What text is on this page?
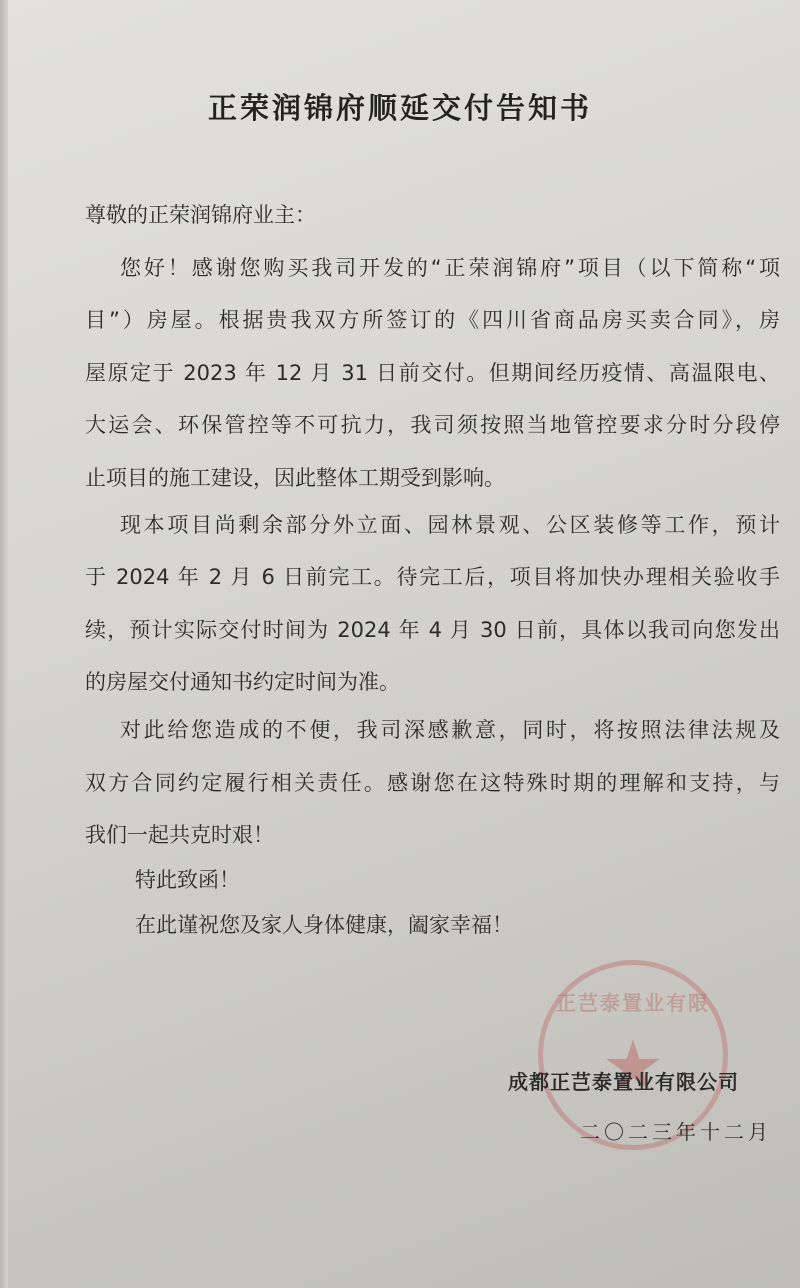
正荣润锦府顺延交付告知书
尊敬的正荣润锦府业主：
您好！感谢您购买我司开发的“正荣润锦府”项目（以下简称“项
目”）房屋。根据贵我双方所签订的《四川省商品房买卖合同》，房
屋原定于 2023 年 12 月 31 日前交付。但期间经历疫情、高温限电、
大运会、环保管控等不可抗力，我司须按照当地管控要求分时分段停
止项目的施工建设，因此整体工期受到影响。
现本项目尚剩余部分外立面、园林景观、公区装修等工作，预计
于 2024 年 2 月 6 日前完工。待完工后，项目将加快办理相关验收手
续，预计实际交付时间为 2024 年 4 月 30 日前，具体以我司向您发出
的房屋交付通知书约定时间为准。
对此给您造成的不便，我司深感歉意，同时，将按照法律法规及
双方合同约定履行相关责任。感谢您在这特殊时期的理解和支持，与
我们一起共克时艰！
特此致函！
在此谨祝您及家人身体健康，阖家幸福！
正芑泰置业有限
★
成都正芑泰置业有限公司
二〇二三年十二月
